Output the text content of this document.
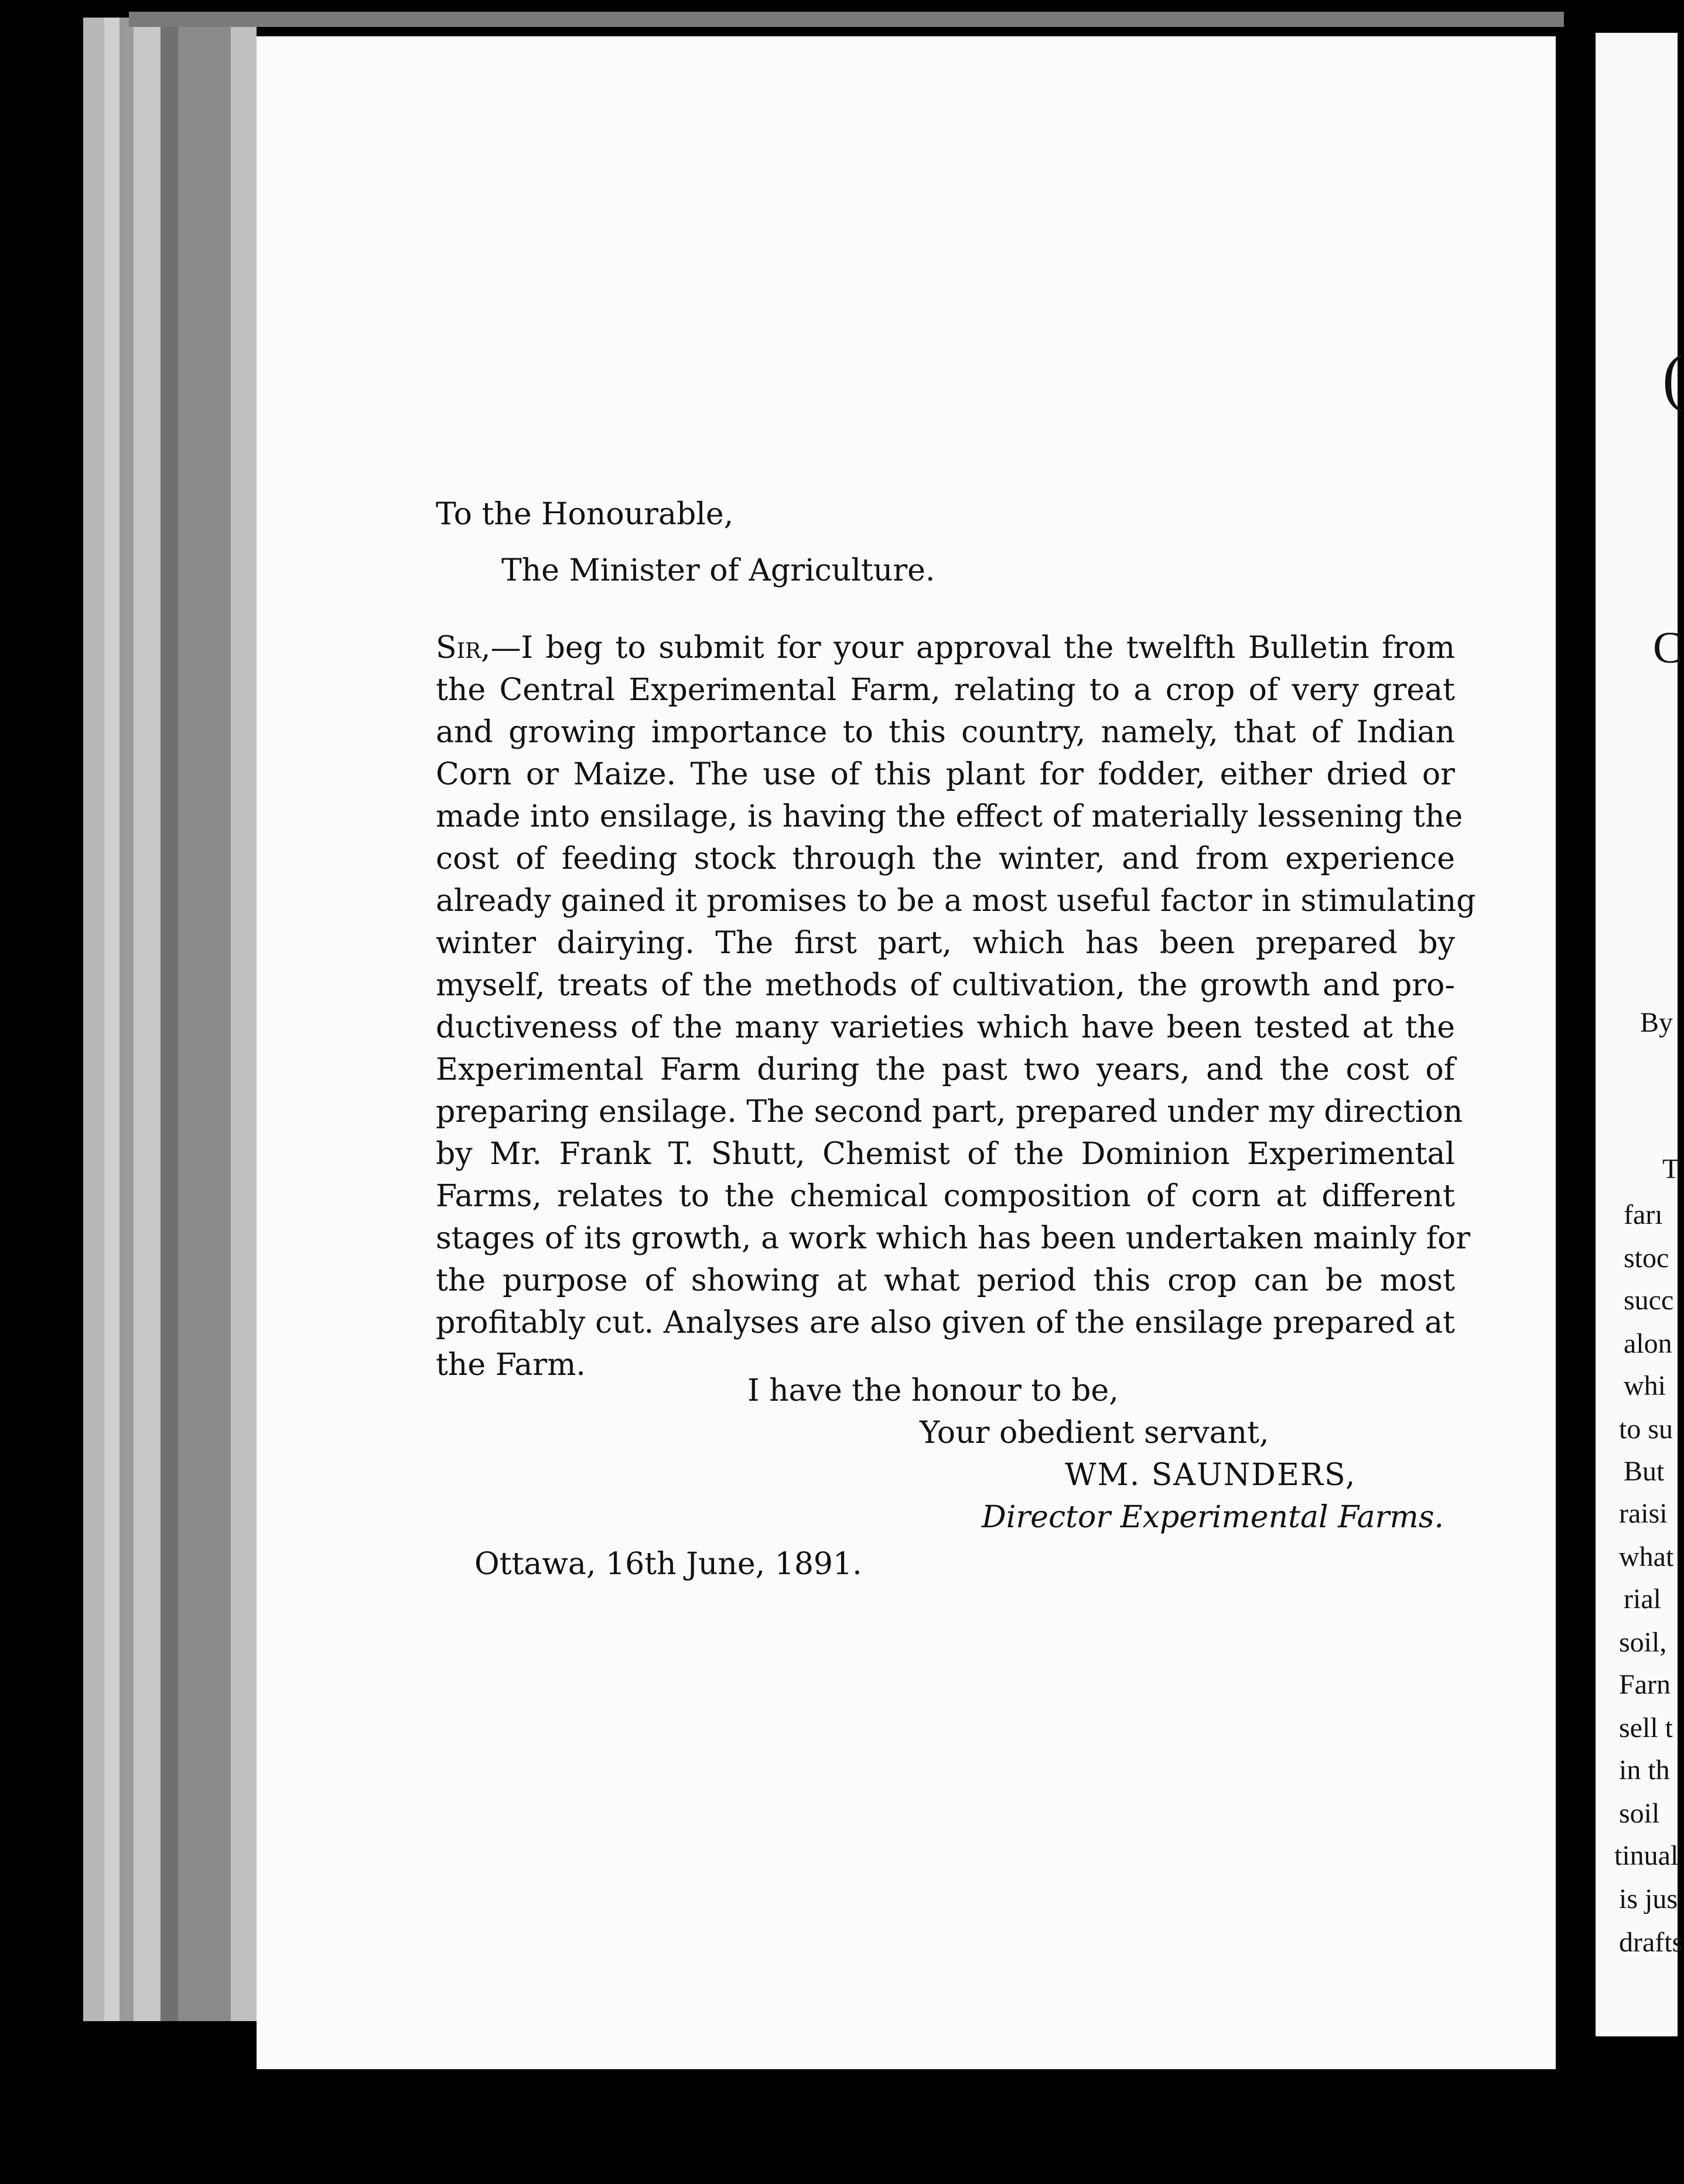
To the Honourable,
The Minister of Agriculture.
Sir,—I beg to submit for your approval the twelfth Bulletin from
the Central Experimental Farm, relating to a crop of very great
and growing importance to this country, namely, that of Indian
Corn or Maize. The use of this plant for fodder, either dried or
made into ensilage, is having the effect of materially lessening the
cost of feeding stock through the winter, and from experience
already gained it promises to be a most useful factor in stimulating
winter dairying. The first part, which has been prepared by
myself, treats of the methods of cultivation, the growth and pro-
ductiveness of the many varieties which have been tested at the
Experimental Farm during the past two years, and the cost of
preparing ensilage. The second part, prepared under my direction
by Mr. Frank T. Shutt, Chemist of the Dominion Experimental
Farms, relates to the chemical composition of corn at different
stages of its growth, a work which has been undertaken mainly for
the purpose of showing at what period this crop can be most
profitably cut. Analyses are also given of the ensilage prepared at
the Farm.
I have the honour to be,
Your obedient servant,
WM. SAUNDERS,
Director Experimental Farms.
Ottawa, 16th June, 1891.
(
C
By
T
farı
stoc
succ
alon
whi
to su
But
raisi
what
rial
soil,
Farn
sell t
in th
soil
tinual
is jus
drafts
